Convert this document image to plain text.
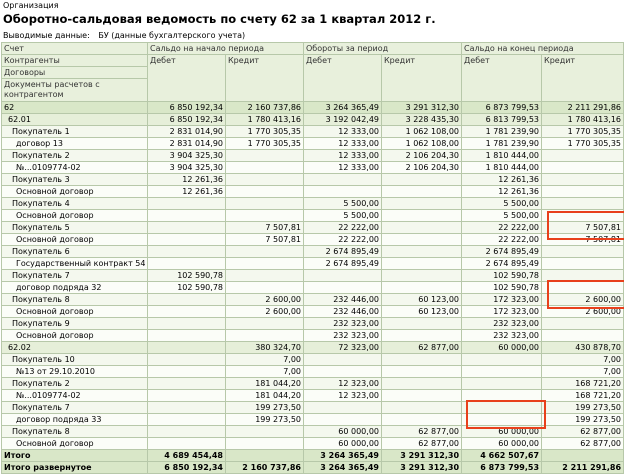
Организация
Оборотно-сальдовая ведомость по счету 62 за 1 квартал 2012 г.
Выводимые данные: БУ (данные бухгалтерского учета)
Счет	Сальдо на начало периода		Обороты за период		Сальдо на конец периода	
Контрагенты	Дебет	Кредит	Дебет	Кредит	Дебет	Кредит
Договоры						
Документы расчетов с контрагентом						
62	6 850 192,34	2 160 737,86	3 264 365,49	3 291 312,30	6 873 799,53	2 211 291,86
62.01	6 850 192,34	1 780 413,16	3 192 042,49	3 228 435,30	6 813 799,53	1 780 413,16
Покупатель 1	2 831 014,90	1 770 305,35	12 333,00	1 062 108,00	1 781 239,90	1 770 305,35
договор 13	2 831 014,90	1 770 305,35	12 333,00	1 062 108,00	1 781 239,90	1 770 305,35
Покупатель 2	3 904 325,30		12 333,00	2 106 204,30	1 810 444,00	
№...0109774-02	3 904 325,30		12 333,00	2 106 204,30	1 810 444,00	
Покупатель 3	12 261,36				12 261,36	
Основной договор	12 261,36				12 261,36	
Покупатель 4			5 500,00		5 500,00	
Основной договор			5 500,00		5 500,00	
Покупатель 5		7 507,81	22 222,00		22 222,00	7 507,81
Основной договор		7 507,81	22 222,00		22 222,00	7 507,81
Покупатель 6			2 674 895,49		2 674 895,49	
Государственный контракт 54			2 674 895,49		2 674 895,49	
Покупатель 7	102 590,78				102 590,78	
договор подряда 32	102 590,78				102 590,78	
Покупатель 8		2 600,00	232 446,00	60 123,00	172 323,00	2 600,00
Основной договор		2 600,00	232 446,00	60 123,00	172 323,00	2 600,00
Покупатель 9			232 323,00		232 323,00	
Основной договор			232 323,00		232 323,00	
62.02		380 324,70	72 323,00	62 877,00	60 000,00	430 878,70
Покупатель 10		7,00				7,00
№13 от 29.10.2010		7,00				7,00
Покупатель 2		181 044,20	12 323,00			168 721,20
№...0109774-02		181 044,20	12 323,00			168 721,20
Покупатель 7		199 273,50				199 273,50
договор подряда 33		199 273,50				199 273,50
Покупатель 8			60 000,00	62 877,00	60 000,00	62 877,00
Основной договор			60 000,00	62 877,00	60 000,00	62 877,00
Итого	4 689 454,48		3 264 365,49	3 291 312,30	4 662 507,67	
Итого развернутое	6 850 192,34	2 160 737,86	3 264 365,49	3 291 312,30	6 873 799,53	2 211 291,86
